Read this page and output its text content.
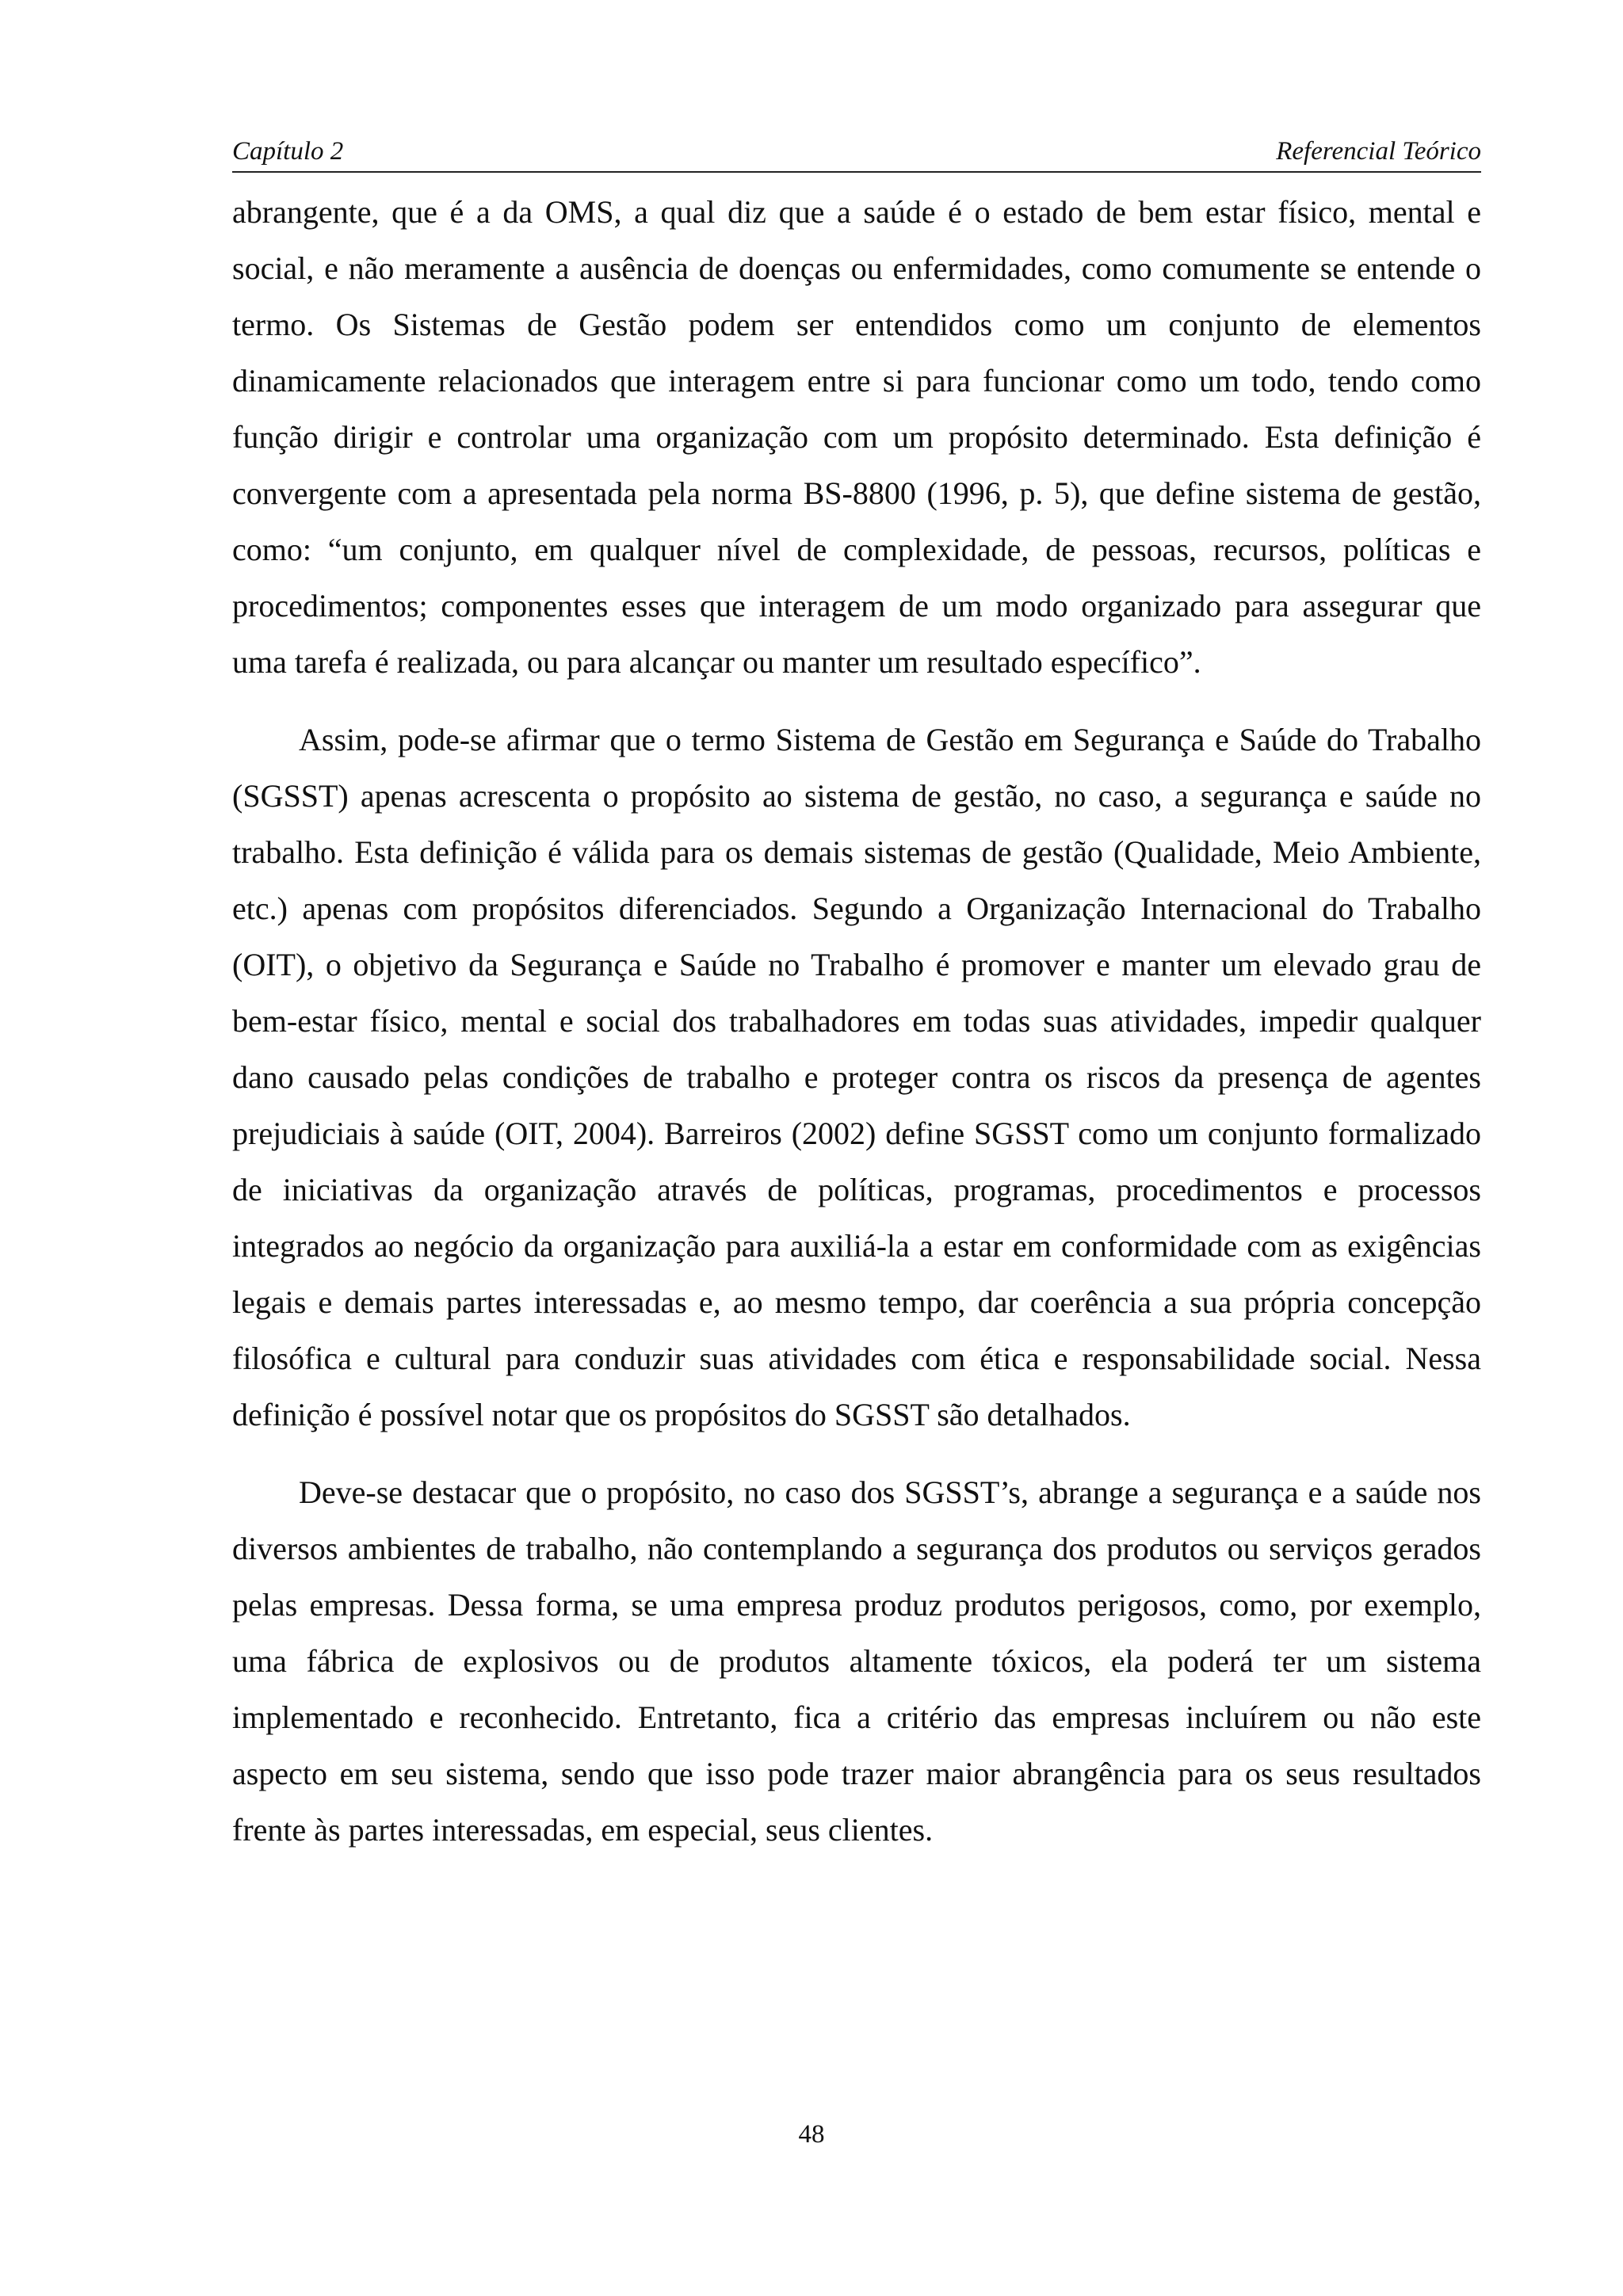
Capítulo 2	Referencial Teórico

abrangente, que é a da OMS, a qual diz que a saúde é o estado de bem estar físico, mental e social, e não meramente a ausência de doenças ou enfermidades, como comumente se entende o termo. Os Sistemas de Gestão podem ser entendidos como um conjunto de elementos dinamicamente relacionados que interagem entre si para funcionar como um todo, tendo como função dirigir e controlar uma organização com um propósito determinado. Esta definição é convergente com a apresentada pela norma BS-8800 (1996, p. 5), que define sistema de gestão, como: “um conjunto, em qualquer nível de complexidade, de pessoas, recursos, políticas e procedimentos; componentes esses que interagem de um modo organizado para assegurar que uma tarefa é realizada, ou para alcançar ou manter um resultado específico”.

Assim, pode-se afirmar que o termo Sistema de Gestão em Segurança e Saúde do Trabalho (SGSST) apenas acrescenta o propósito ao sistema de gestão, no caso, a segurança e saúde no trabalho. Esta definição é válida para os demais sistemas de gestão (Qualidade, Meio Ambiente, etc.) apenas com propósitos diferenciados. Segundo a Organização Internacional do Trabalho (OIT), o objetivo da Segurança e Saúde no Trabalho é promover e manter um elevado grau de bem-estar físico, mental e social dos trabalhadores em todas suas atividades, impedir qualquer dano causado pelas condições de trabalho e proteger contra os riscos da presença de agentes prejudiciais à saúde (OIT, 2004). Barreiros (2002) define SGSST como um conjunto formalizado de iniciativas da organização através de políticas, programas, procedimentos e processos integrados ao negócio da organização para auxiliá-la a estar em conformidade com as exigências legais e demais partes interessadas e, ao mesmo tempo, dar coerência a sua própria concepção filosófica e cultural para conduzir suas atividades com ética e responsabilidade social. Nessa definição é possível notar que os propósitos do SGSST são detalhados.

Deve-se destacar que o propósito, no caso dos SGSST’s, abrange a segurança e a saúde nos diversos ambientes de trabalho, não contemplando a segurança dos produtos ou serviços gerados pelas empresas. Dessa forma, se uma empresa produz produtos perigosos, como, por exemplo, uma fábrica de explosivos ou de produtos altamente tóxicos, ela poderá ter um sistema implementado e reconhecido. Entretanto, fica a critério das empresas incluírem ou não este aspecto em seu sistema, sendo que isso pode trazer maior abrangência para os seus resultados frente às partes interessadas, em especial, seus clientes.

48
